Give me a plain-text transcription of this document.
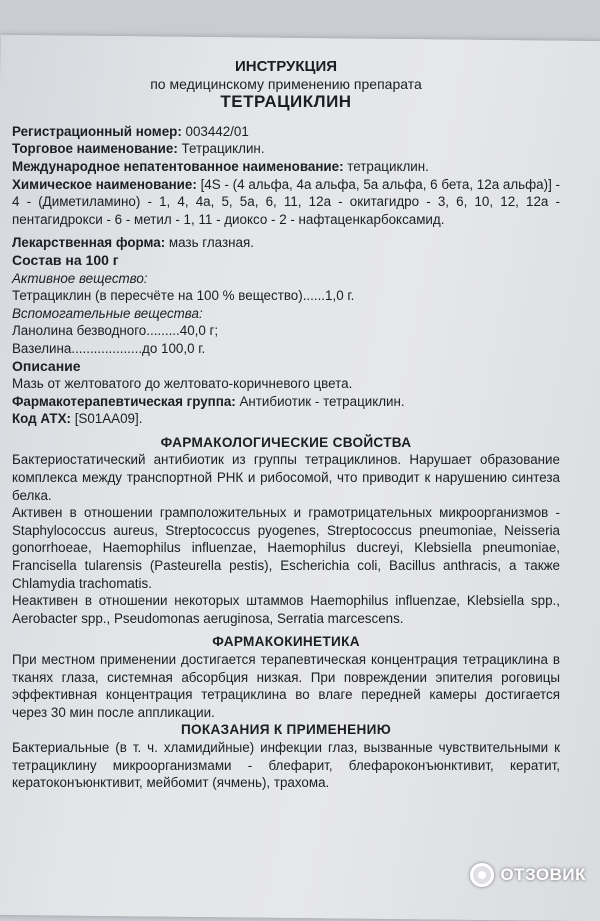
ИНСТРУКЦИЯ

по медицинскому применению препарата

ТЕТРАЦИКЛИН

Регистрационный номер: 003442/01

Торговое наименование: Тетрациклин.

Международное непатентованное наименование: тетрациклин.

Химическое наименование: [4S - (4 альфа, 4а альфа, 5а альфа, 6 бета, 12а альфа)] - 4 - (Диметиламино) - 1, 4, 4а, 5, 5а, 6, 11, 12а - окитагидро - 3, 6, 10, 12, 12а - пентагидрокси - 6 - метил - 1, 11 - диоксо - 2 - нафтаценкарбоксамид.

Лекарственная форма: мазь глазная.

Состав на 100 г

Активное вещество:

Тетрациклин (в пересчёте на 100 % вещество)......1,0 г.

Вспомогательные вещества:

Ланолина безводного.........40,0 г;

Вазелина...................до 100,0 г.

Описание

Мазь от желтоватого до желтовато-коричневого цвета.

Фармакотерапевтическая группа: Антибиотик - тетрациклин.

Код АТХ: [S01AA09].

ФАРМАКОЛОГИЧЕСКИЕ СВОЙСТВА

Бактериостатический антибиотик из группы тетрациклинов. Нарушает образование комплекса между транспортной РНК и рибосомой, что приводит к нарушению синтеза белка.

Активен в отношении грамположительных и грамотрицательных микроорганизмов - Staphylococcus aureus, Streptococcus pyogenes, Streptococcus pneumoniae, Neisseria gonorrhoeae, Haemophilus influenzae, Haemophilus ducreyi, Klebsiella pneumoniae, Francisella tularensis (Pasteurella pestis), Escherichia coli, Bacillus anthracis, а также Chlamydia trachomatis.

Неактивен в отношении некоторых штаммов Haemophilus influenzae, Klebsiella spp., Aerobacter spp., Pseudomonas aeruginosa, Serratia marcescens.

ФАРМАКОКИНЕТИКА

При местном применении достигается терапевтическая концентрация тетрациклина в тканях глаза, системная абсорбция низкая. При повреждении эпителия роговицы эффективная концентрация тетрациклина во влаге передней камеры достигается через 30 мин после аппликации.

ПОКАЗАНИЯ К ПРИМЕНЕНИЮ

Бактериальные (в т. ч. хламидийные) инфекции глаз, вызванные чувствительными к тетрациклину микроорганизмами - блефарит, блефароконъюнктивит, кератит, кератоконъюнктивит, мейбомит (ячмень), трахома.

ОТЗОВИК
